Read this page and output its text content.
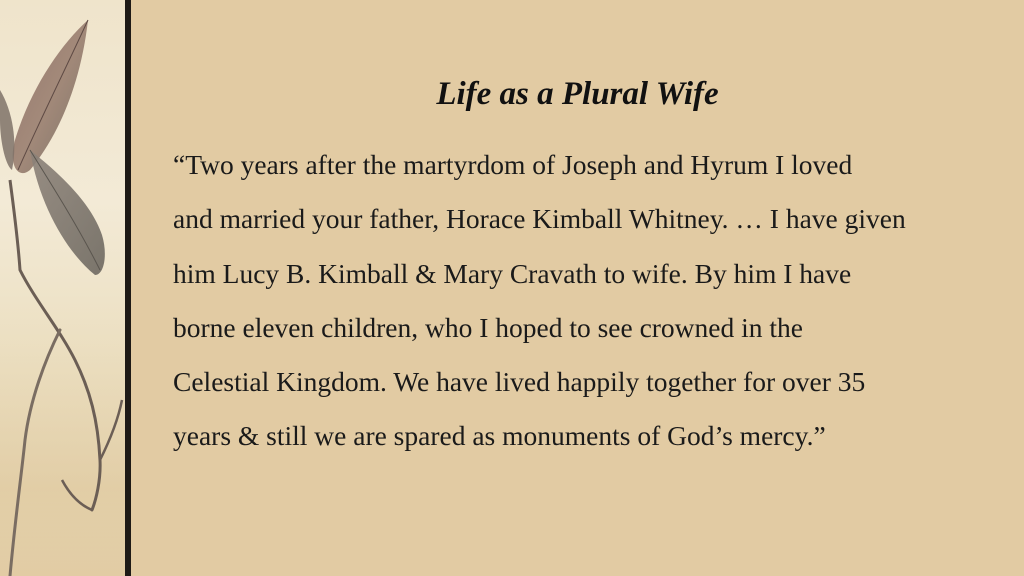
Life as a Plural Wife

“Two years after the martyrdom of Joseph and Hyrum I loved
and married your father, Horace Kimball Whitney. … I have given
him Lucy B. Kimball & Mary Cravath to wife. By him I have
borne eleven children, who I hoped to see crowned in the
Celestial Kingdom. We have lived happily together for over 35
years & still we are spared as monuments of God’s mercy.”
